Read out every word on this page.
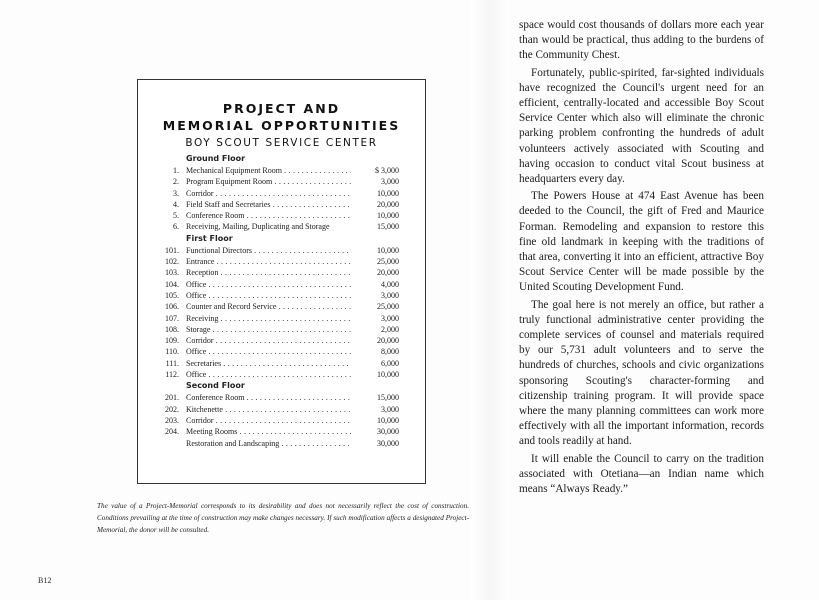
PROJECT AND
MEMORIAL OPPORTUNITIES
BOY SCOUT SERVICE CENTER
Ground Floor
1. Mechanical Equipment Room . . .	$ 3,000
2. Program Equipment Room . . .	3,000
3. Corridor . . .	10,000
4. Field Staff and Secretaries . . .	20,000
5. Conference Room . . .	10,000
6. Receiving, Mailing, Duplicating and Storage	15,000
First Floor
101. Functional Directors . . .	10,000
102. Entrance . . .	25,000
103. Reception . . .	20,000
104. Office . . .	4,000
105. Office . . .	3,000
106. Counter and Record Service . . .	25,000
107. Receiving . . .	3,000
108. Storage . . .	2,000
109. Corridor . . .	20,000
110. Office . . .	8,000
111. Secretaries . . .	6,000
112. Office . . .	10,000
Second Floor
201. Conference Room . . .	15,000
202. Kitchenette . . .	3,000
203. Corridor . . .	10,000
204. Meeting Rooms . . .	30,000
Restoration and Landscaping . . .	30,000
The value of a Project-Memorial corresponds to its desirability and does not necessarily reflect the cost of construction. Conditions prevailing at the time of construction may make changes necessary. If such modification affects a designated Project-Memorial, the donor will be consulted.
B12

space would cost thousands of dollars more each year than would be practical, thus adding to the burdens of the Community Chest.

Fortunately, public-spirited, far-sighted individuals have recognized the Council's urgent need for an efficient, centrally-located and accessible Boy Scout Service Center which also will eliminate the chronic parking problem confronting the hundreds of adult volunteers actively associated with Scouting and having occasion to conduct vital Scout business at headquarters every day.

The Powers House at 474 East Avenue has been deeded to the Council, the gift of Fred and Maurice Forman. Remodeling and expansion to restore this fine old landmark in keeping with the traditions of that area, converting it into an efficient, attractive Boy Scout Service Center will be made possible by the United Scouting Development Fund.

The goal here is not merely an office, but rather a truly functional administrative center providing the complete services of counsel and materials required by our 5,731 adult volunteers and to serve the hundreds of churches, schools and civic organizations sponsoring Scouting's character-forming and citizenship training program. It will provide space where the many planning committees can work more effectively with all the important information, records and tools readily at hand.

It will enable the Council to carry on the tradition associated with Otetiana—an Indian name which means “Always Ready.”
